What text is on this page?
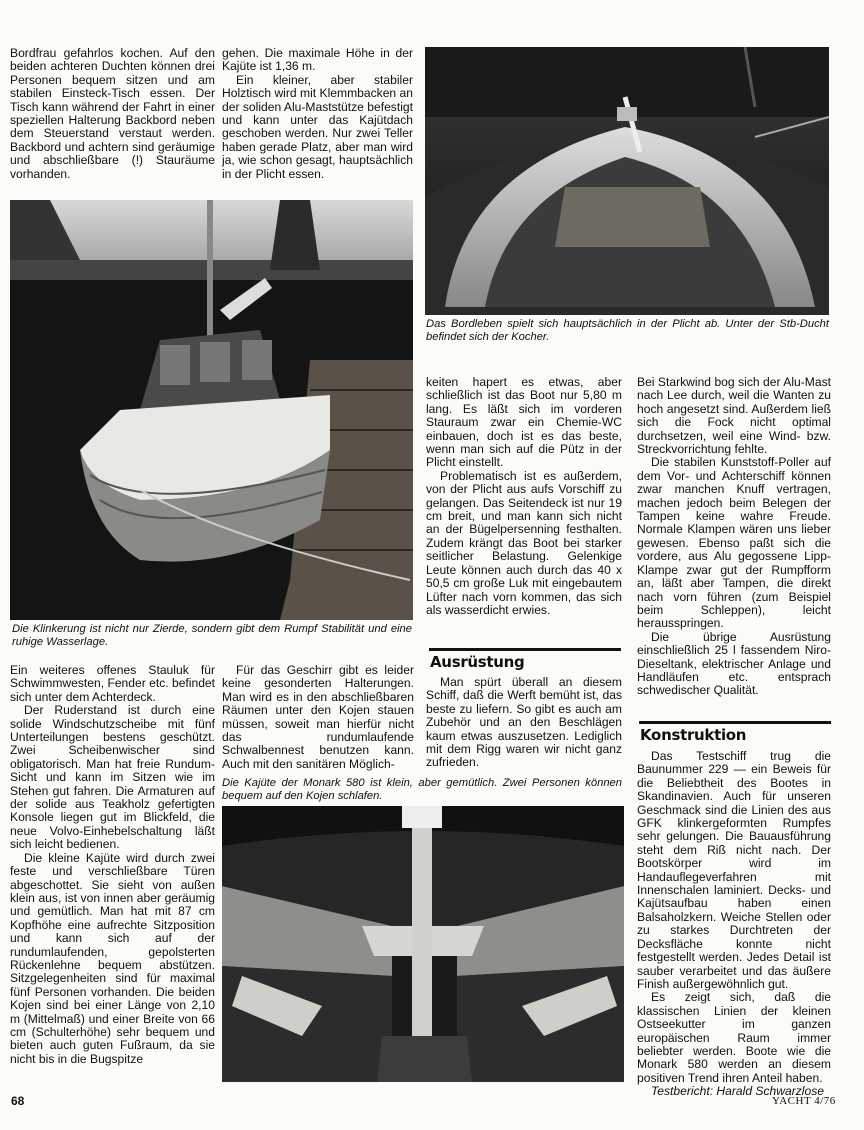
Bordfrau gefahrlos kochen. Auf den beiden achteren Duchten können drei Personen bequem sitzen und am stabilen Einsteck-Tisch essen. Der Tisch kann während der Fahrt in einer speziellen Halterung Backbord neben dem Steuerstand verstaut werden. Backbord und achtern sind geräumige und abschließbare (!) Stauräume vorhanden.

gehen. Die maximale Höhe in der Kajüte ist 1,36 m.

Ein kleiner, aber stabiler Holztisch wird mit Klemmbacken an der soliden Alu-Maststütze befestigt und kann unter das Kajütdach geschoben werden. Nur zwei Teller haben gerade Platz, aber man wird ja, wie schon gesagt, hauptsächlich in der Plicht essen.

Das Bordleben spielt sich hauptsächlich in der Plicht ab. Unter der Stb-Ducht befindet sich der Kocher.
Die Klinkerung ist nicht nur Zierde, sondern gibt dem Rumpf Stabilität und eine ruhige Wasserlage.

keiten hapert es etwas, aber schließlich ist das Boot nur 5,80 m lang. Es läßt sich im vorderen Stauraum zwar ein Chemie-WC einbauen, doch ist es das beste, wenn man sich auf die Pütz in der Plicht einstellt.

Problematisch ist es außerdem, von der Plicht aus aufs Vorschiff zu gelangen. Das Seitendeck ist nur 19 cm breit, und man kann sich nicht an der Bügelpersenning festhalten. Zudem krängt das Boot bei starker seitlicher Belastung. Gelenkige Leute können auch durch das 40 x 50,5 cm große Luk mit eingebautem Lüfter nach vorn kommen, das sich als wasserdicht erwies.

Ausrüstung

Man spürt überall an diesem Schiff, daß die Werft bemüht ist, das beste zu liefern. So gibt es auch am Zubehör und an den Beschlägen kaum etwas auszusetzen. Lediglich mit dem Rigg waren wir nicht ganz zufrieden.

Bei Starkwind bog sich der Alu-Mast nach Lee durch, weil die Wanten zu hoch angesetzt sind. Außerdem ließ sich die Fock nicht optimal durchsetzen, weil eine Wind- bzw. Streckvorrichtung fehlte.

Die stabilen Kunststoff-Poller auf dem Vor- und Achterschiff können zwar manchen Knuff vertragen, machen jedoch beim Belegen der Tampen keine wahre Freude. Normale Klampen wären uns lieber gewesen. Ebenso paßt sich die vordere, aus Alu gegossene Lipp-Klampe zwar gut der Rumpfform an, läßt aber Tampen, die direkt nach vorn führen (zum Beispiel beim Schleppen), leicht herausspringen.

Die übrige Ausrüstung einschließlich 25 l fassendem Niro-Dieseltank, elektrischer Anlage und Handläufen etc. entsprach schwedischer Qualität.

Konstruktion

Das Testschiff trug die Baunummer 229 — ein Beweis für die Beliebtheit des Bootes in Skandinavien. Auch für unseren Geschmack sind die Linien des aus GFK klinkergeformten Rumpfes sehr gelungen. Die Bauausführung steht dem Riß nicht nach. Der Bootskörper wird im Handauflegeverfahren mit Innenschalen laminiert. Decks- und Kajütsaufbau haben einen Balsaholzkern. Weiche Stellen oder zu starkes Durchtreten der Decksfläche konnte nicht festgestellt werden. Jedes Detail ist sauber verarbeitet und das äußere Finish außergewöhnlich gut.

Es zeigt sich, daß die klassischen Linien der kleinen Ostseekutter im ganzen europäischen Raum immer beliebter werden. Boote wie die Monark 580 werden an diesem positiven Trend ihren Anteil haben.

Testbericht: Harald Schwarzlose

Ein weiteres offenes Stauluk für Schwimmwesten, Fender etc. befindet sich unter dem Achterdeck.

Der Ruderstand ist durch eine solide Windschutzscheibe mit fünf Unterteilungen bestens geschützt. Zwei Scheibenwischer sind obligatorisch. Man hat freie Rundum-Sicht und kann im Sitzen wie im Stehen gut fahren. Die Armaturen auf der solide aus Teakholz gefertigten Konsole liegen gut im Blickfeld, die neue Volvo-Einhebelschaltung läßt sich leicht bedienen.

Die kleine Kajüte wird durch zwei feste und verschließbare Türen abgeschottet. Sie sieht von außen klein aus, ist von innen aber geräumig und gemütlich. Man hat mit 87 cm Kopfhöhe eine aufrechte Sitzposition und kann sich auf der rundumlaufenden, gepolsterten Rückenlehne bequem abstützen. Sitzgelegenheiten sind für maximal fünf Personen vorhanden. Die beiden Kojen sind bei einer Länge von 2,10 m (Mittelmaß) und einer Breite von 66 cm (Schulterhöhe) sehr bequem und bieten auch guten Fußraum, da sie nicht bis in die Bugspitze

Für das Geschirr gibt es leider keine gesonderten Halterungen. Man wird es in den abschließbaren Räumen unter den Kojen stauen müssen, soweit man hierfür nicht das rundumlaufende Schwalbennest benutzen kann. Auch mit den sanitären Möglich-

Die Kajüte der Monark 580 ist klein, aber gemütlich. Zwei Personen können bequem auf den Kojen schlafen.
68	YACHT 4/76
